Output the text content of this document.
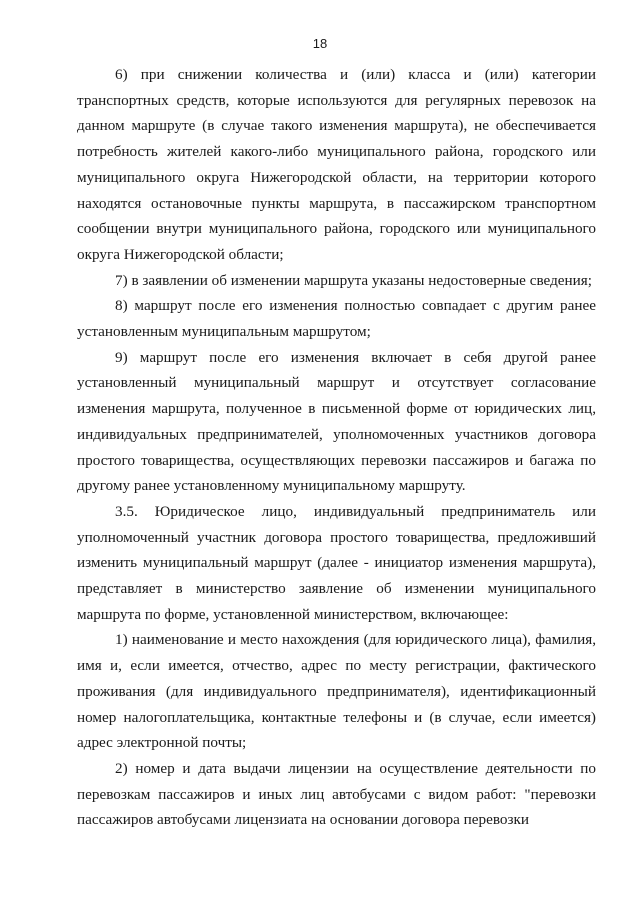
18

6) при снижении количества и (или) класса и (или) категории транспортных средств, которые используются для регулярных перевозок на данном маршруте (в случае такого изменения маршрута), не обеспечивается потребность жителей какого-либо муниципального района, городского или муниципального округа Нижегородской области, на территории которого находятся остановочные пункты маршрута, в пассажирском транспортном сообщении внутри муниципального района, городского или муниципального округа Нижегородской области;

7) в заявлении об изменении маршрута указаны недостоверные сведения;

8) маршрут после его изменения полностью совпадает с другим ранее установленным муниципальным маршрутом;

9) маршрут после его изменения включает в себя другой ранее установленный муниципальный маршрут и отсутствует согласование изменения маршрута, полученное в письменной форме от юридических лиц, индивидуальных предпринимателей, уполномоченных участников договора простого товарищества, осуществляющих перевозки пассажиров и багажа по другому ранее установленному муниципальному маршруту.

3.5. Юридическое лицо, индивидуальный предприниматель или уполномоченный участник договора простого товарищества, предложивший изменить муниципальный маршрут (далее - инициатор изменения маршрута), представляет в министерство заявление об изменении муниципального маршрута по форме, установленной министерством, включающее:

1) наименование и место нахождения (для юридического лица), фамилия, имя и, если имеется, отчество, адрес по месту регистрации, фактического проживания (для индивидуального предпринимателя), идентификационный номер налогоплательщика, контактные телефоны и (в случае, если имеется) адрес электронной почты;

2) номер и дата выдачи лицензии на осуществление деятельности по перевозкам пассажиров и иных лиц автобусами с видом работ: "перевозки пассажиров автобусами лицензиата на основании договора перевозки
